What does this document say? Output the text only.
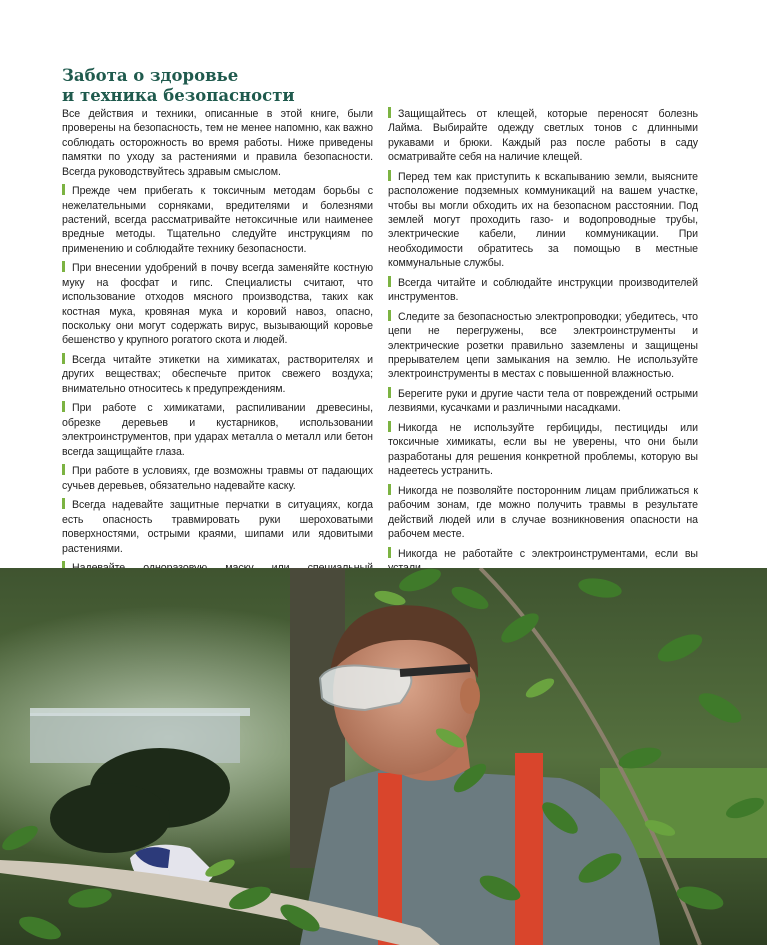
Забота о здоровье
и техника безопасности

Все действия и техники, описанные в этой книге, были проверены на безопасность, тем не менее напомню, как важно соблюдать осторожность во время работы. Ниже приведены памятки по уходу за растениями и правила безопасности. Всегда руководствуйтесь здравым смыслом.

Прежде чем прибегать к токсичным методам борьбы с нежелательными сорняками, вредителями и болезнями растений, всегда рассматривайте нетоксичные или наименее вредные методы. Тщательно следуйте инструкциям по применению и соблюдайте технику безопасности.

При внесении удобрений в почву всегда заменяйте костную муку на фосфат и гипс. Специалисты считают, что использование отходов мясного производства, таких как костная мука, кровяная мука и коровий навоз, опасно, поскольку они могут содержать вирус, вызывающий коровье бешенство у крупного рогатого скота и людей.

Всегда читайте этикетки на химикатах, растворителях и других веществах; обеспечьте приток свежего воздуха; внимательно относитесь к предупреждениям.

При работе с химикатами, распиливании древесины, обрезке деревьев и кустарников, использовании электроинструментов, при ударах металла о металл или бетон всегда защищайте глаза.

При работе в условиях, где возможны травмы от падающих сучьев деревьев, обязательно надевайте каску.

Всегда надевайте защитные перчатки в ситуациях, когда есть опасность травмировать руки шероховатыми поверхностями, острыми краями, шипами или ядовитыми растениями.

Защищайтесь от клещей, которые переносят болезнь Лайма. Выбирайте одежду светлых тонов с длинными рукавами и брюки. Каждый раз после работы в саду осматривайте себя на наличие клещей.

Перед тем как приступить к вскапыванию земли, выясните расположение подземных коммуникаций на вашем участке, чтобы вы могли обходить их на безопасном расстоянии. Под землей могут проходить газо- и водопроводные трубы, электрические кабели, линии коммуникации. При необходимости обратитесь за помощью в местные коммунальные службы.

Всегда читайте и соблюдайте инструкции производителей инструментов.

Следите за безопасностью электропроводки; убедитесь, что цепи не перегружены, все электроинструменты и электрические розетки правильно заземлены и защищены прерывателем цепи замыкания на землю. Не используйте электроинструменты в местах с повышенной влажностью.

Берегите руки и другие части тела от повреждений острыми лезвиями, кусачками и различными насадками.

Никогда не используйте гербициды, пестициды или токсичные химикаты, если вы не уверены, что они были разработаны для решения конкретной проблемы, которую вы надеетесь устранить.

Никогда не позволяйте посторонним лицам приближаться к рабочим зонам, где можно получить травмы в результате действий людей или в случае возникновения опасности на рабочем месте.

Никогда не работайте с электроинструментами, если вы
